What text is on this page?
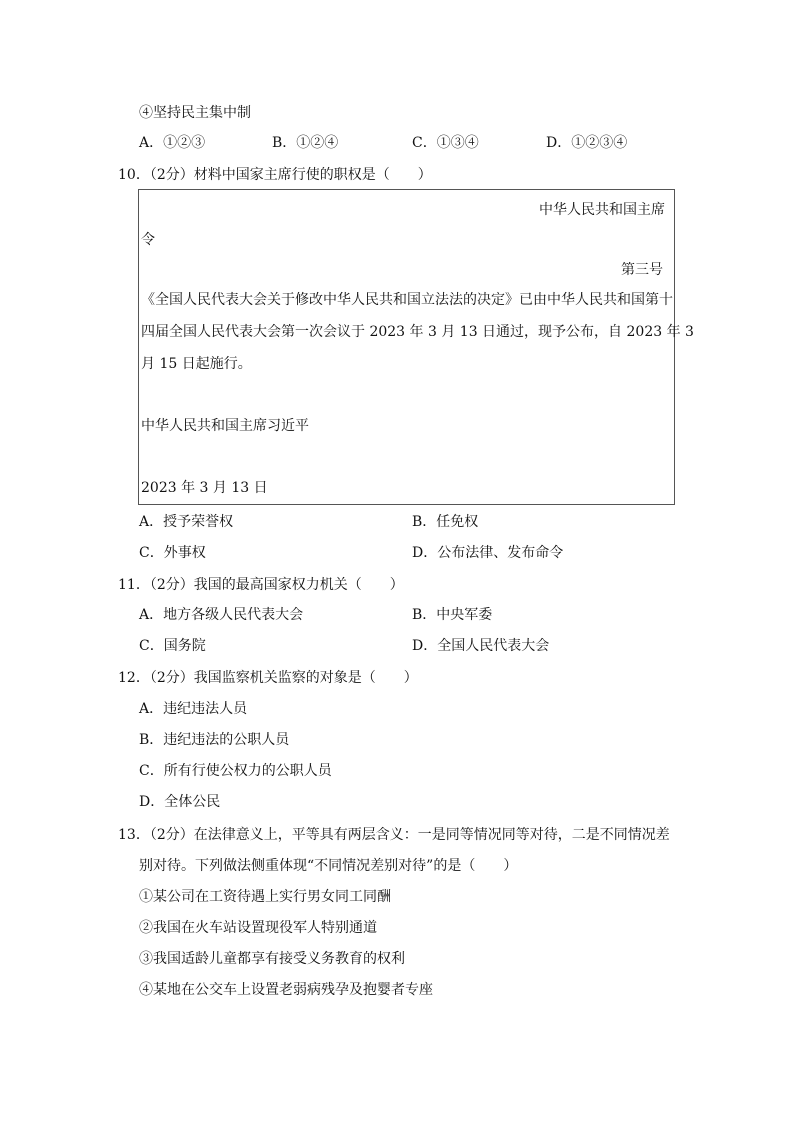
④坚持民主集中制
A．①②③	B．①②④	C．①③④	D．①②③④
10．（2分）材料中国家主席行使的职权是（　　）
中华人民共和国主席
令
第三号
《全国人民代表大会关于修改中华人民共和国立法法的决定》已由中华人民共和国第十
四届全国人民代表大会第一次会议于 2023 年 3 月 13 日通过，现予公布，自 2023 年 3
月 15 日起施行。
中华人民共和国主席习近平
2023 年 3 月 13 日
A．授予荣誉权	B．任免权
C．外事权	D．公布法律、发布命令
11．（2分）我国的最高国家权力机关（　　）
A．地方各级人民代表大会	B．中央军委
C．国务院	D．全国人民代表大会
12．（2分）我国监察机关监察的对象是（　　）
A．违纪违法人员
B．违纪违法的公职人员
C．所有行使公权力的公职人员
D．全体公民
13．（2分）在法律意义上，平等具有两层含义：一是同等情况同等对待，二是不同情况差
别对待。下列做法侧重体现“不同情况差别对待”的是（　　）
①某公司在工资待遇上实行男女同工同酬
②我国在火车站设置现役军人特别通道
③我国适龄儿童都享有接受义务教育的权利
④某地在公交车上设置老弱病残孕及抱婴者专座
